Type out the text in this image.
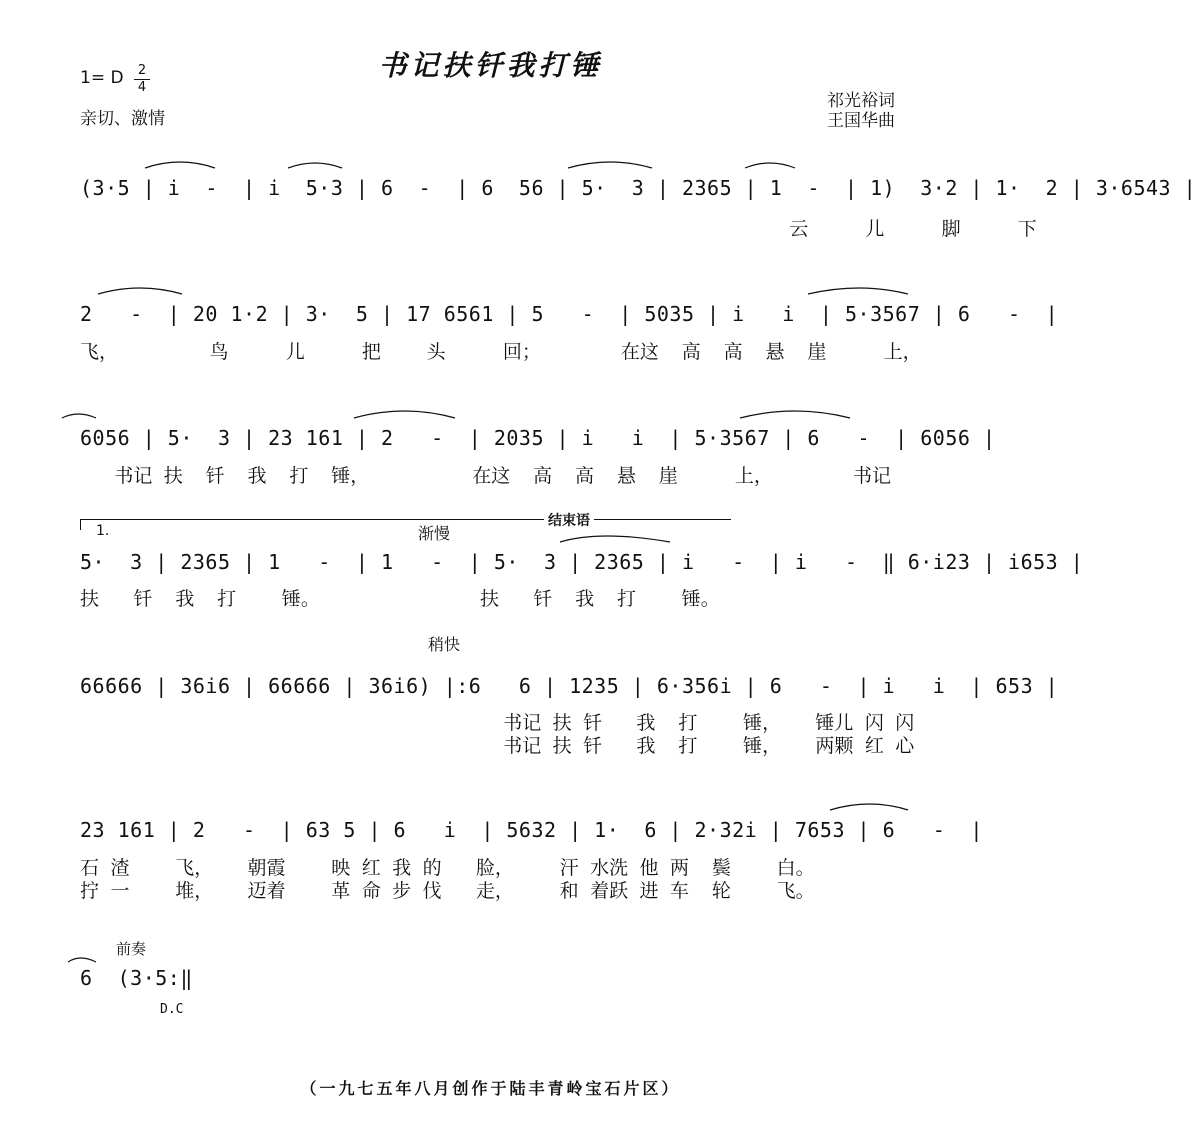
书记扶钎我打锤
1= D 2
4
亲切、激情
祁光裕词
王国华曲
(3·5 | i  -  | i  5·3 | 6  -  | 6  56 | 5·  3 | 2365 | 1  -  | 1)  3·2 | 1·  2 | 3·6543 |
云     儿     脚     下
2   -  | 20 1·2 | 3·  5 | 17 6561 | 5   -  | 5035 | i   i  | 5·3567 | 6   -  |
飞，        鸟     儿     把    头     回；       在这  高  高  悬  崖     上，
6056 | 5·  3 | 23 161 | 2   -  | 2035 | i   i  | 5·3567 | 6   -  | 6056 |
书记 扶  钎  我  打  锤，         在这  高  高  悬  崖     上，       书记
1.	渐慢
结束语
5·  3 | 2365 | 1   -  | 1   -  | 5·  3 | 2365 | i   -  | i   -  ‖ 6·i23 | i653 |
扶   钎  我  打    锤。              扶   钎  我  打    锤。
稍快
66666 | 36i6 | 66666 | 36i6) |:6   6 | 1235 | 6·356i | 6   -  | i   i  | 653 |
书记 扶 钎   我  打    锤，   锤儿 闪 闪
书记 扶 钎   我  打    锤，   两颗 红 心
23 161 | 2   -  | 63 5 | 6   i  | 5632 | 1·  6 | 2·32i | 7653 | 6   -  |
石 渣    飞，   朝霞    映 红 我 的   脸，    汗 水洗 他 两  鬓    白。
拧 一    堆，   迈着    革 命 步 伐   走，    和 着跃 进 车  轮    飞。
前奏
6  (3·5:‖
D.C
（一九七五年八月创作于陆丰青岭宝石片区）
